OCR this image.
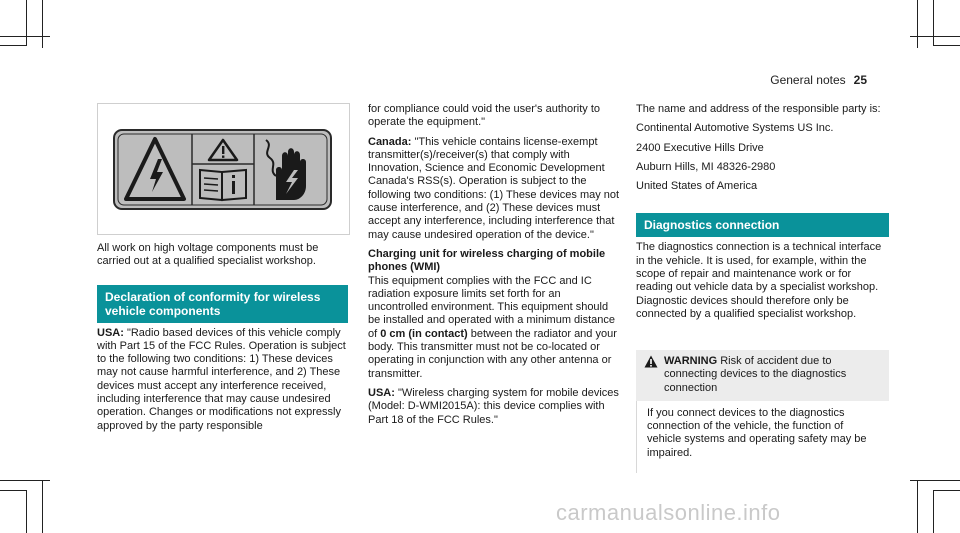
General notes 25

All work on high voltage components must be carried out at a qualified specialist workshop.

Declaration of conformity for wireless vehicle components

USA: "Radio based devices of this vehicle comply with Part 15 of the FCC Rules. Operation is subject to the following two conditions: 1) These devices may not cause harmful interference, and 2) These devices must accept any interference received, including interference that may cause undesired operation. Changes or modifications not expressly approved by the party responsible

for compliance could void the user's authority to operate the equipment."

Canada: "This vehicle contains license-exempt transmitter(s)/receiver(s) that comply with Innovation, Science and Economic Development Canada's RSS(s). Operation is subject to the following two conditions: (1) These devices may not cause interference, and (2) These devices must accept any interference, including interference that may cause undesired operation of the device."

Charging unit for wireless charging of mobile phones (WMI)

This equipment complies with the FCC and IC radiation exposure limits set forth for an uncontrolled environment. This equipment should be installed and operated with a minimum distance of 0 cm (in contact) between the radiator and your body. This transmitter must not be co-located or operating in conjunction with any other antenna or transmitter.

USA: "Wireless charging system for mobile devices (Model: D-WMI2015A): this device complies with Part 18 of the FCC Rules."

The name and address of the responsible party is:

Continental Automotive Systems US Inc.

2400 Executive Hills Drive

Auburn Hills, MI 48326-2980

United States of America

Diagnostics connection

The diagnostics connection is a technical interface in the vehicle. It is used, for example, within the scope of repair and maintenance work or for reading out vehicle data by a specialist workshop. Diagnostic devices should therefore only be connected by a qualified specialist workshop.

WARNING Risk of accident due to connecting devices to the diagnostics connection
If you connect devices to the diagnostics connection of the vehicle, the function of vehicle systems and operating safety may be impaired.
carmanualsonline.info
